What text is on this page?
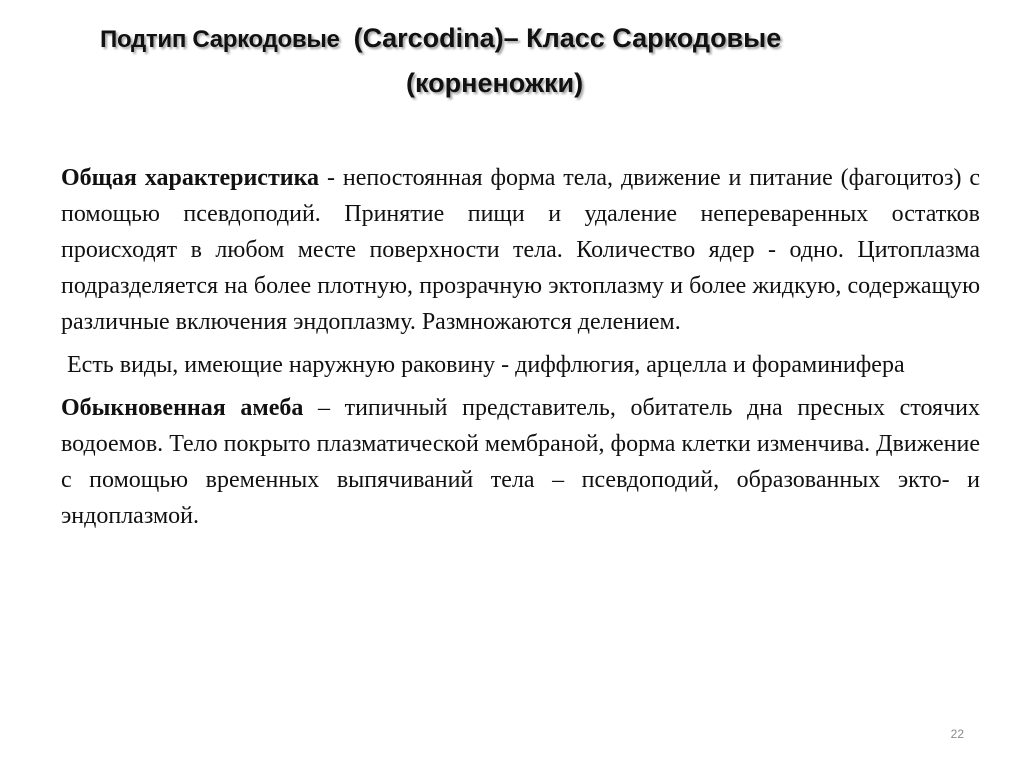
Подтип Саркодовые (Carcodina)– Класс Саркодовые
(корненожки)

Общая характеристика - непостоянная форма тела, движение и питание (фагоцитоз) с помощью псевдоподий. Принятие пищи и удаление непереваренных остатков происходят в любом месте поверхности тела. Количество ядер - одно. Цитоплазма подразделяется на более плотную, прозрачную эктоплазму и более жидкую, содержащую различные включения эндоплазму. Размножаются делением.

Есть виды, имеющие наружную раковину - диффлюгия, арцелла и фораминифера

Обыкновенная амеба – типичный представитель, обитатель дна пресных стоячих водоемов. Тело покрыто плазматической мембраной, форма клетки изменчива. Движение с помощью временных выпячиваний тела – псевдоподий, образованных экто- и эндоплазмой.

22
